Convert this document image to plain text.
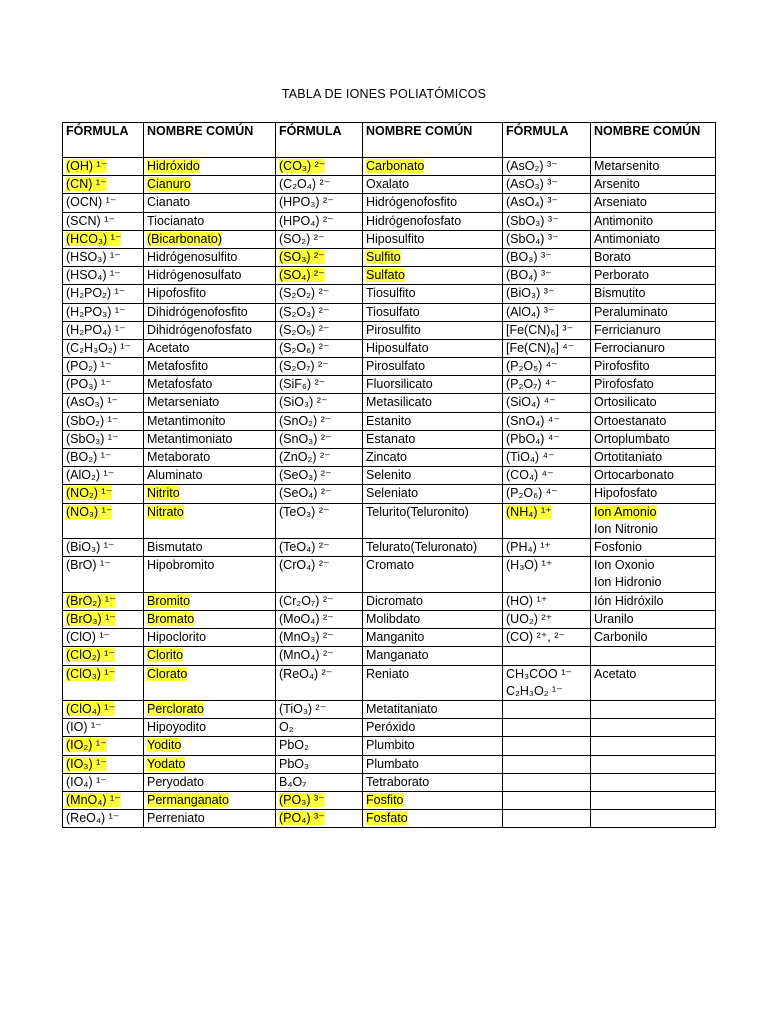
TABLA DE IONES POLIATÓMICOS
FÓRMULA	NOMBRE COMÚN	FÓRMULA	NOMBRE COMÚN	FÓRMULA	NOMBRE COMÚN

(OH) ¹⁻	Hidróxido	(CO₃) ²⁻	Carbonato	(AsO₂) ³⁻	Metarsenito

(CN) ¹⁻	Cianuro	(C₂O₄) ²⁻	Oxalato	(AsO₃) ³⁻	Arsenito

(OCN) ¹⁻	Cianato	(HPO₃) ²⁻	Hidrógenofosfito	(AsO₄) ³⁻	Arseniato

(SCN) ¹⁻	Tiocianato	(HPO₄) ²⁻	Hidrógenofosfato	(SbO₃) ³⁻	Antimonito

(HCO₃) ¹⁻	(Bicarbonato)	(SO₂) ²⁻	Hiposulfito	(SbO₄) ³⁻	Antimoniato

(HSO₃) ¹⁻	Hidrógenosulfito	(SO₃) ²⁻	Sulfito	(BO₃) ³⁻	Borato

(HSO₄) ¹⁻	Hidrógenosulfato	(SO₄) ²⁻	Sulfato	(BO₄) ³⁻	Perborato

(H₂PO₂) ¹⁻	Hipofosfito	(S₂O₂) ²⁻	Tiosulfito	(BiO₃) ³⁻	Bismutito

(H₂PO₃) ¹⁻	Dihidrógenofosfito	(S₂O₃) ²⁻	Tiosulfato	(AlO₄) ³⁻	Peraluminato

(H₂PO₄) ¹⁻	Dihidrógenofosfato	(S₂O₅) ²⁻	Pirosulfito	[Fe(CN)₆] ³⁻	Ferricianuro

(C₂H₃O₂) ¹⁻	Acetato	(S₂O₆) ²⁻	Hiposulfato	[Fe(CN)₆] ⁴⁻	Ferrocianuro

(PO₂) ¹⁻	Metafosfito	(S₂O₇) ²⁻	Pirosulfato	(P₂O₅) ⁴⁻	Pirofosfito

(PO₃) ¹⁻	Metafosfato	(SiF₆) ²⁻	Fluorsilicato	(P₂O₇) ⁴⁻	Pirofosfato

(AsO₃) ¹⁻	Metarseniato	(SiO₃) ²⁻	Metasilicato	(SiO₄) ⁴⁻	Ortosilicato

(SbO₂) ¹⁻	Metantimonito	(SnO₂) ²⁻	Estanito	(SnO₄) ⁴⁻	Ortoestanato

(SbO₃) ¹⁻	Metantimoniato	(SnO₃) ²⁻	Estanato	(PbO₄) ⁴⁻	Ortoplumbato

(BO₂) ¹⁻	Metaborato	(ZnO₂) ²⁻	Zincato	(TiO₄) ⁴⁻	Ortotitaniato

(AlO₂) ¹⁻	Aluminato	(SeO₃) ²⁻	Selenito	(CO₄) ⁴⁻	Ortocarbonato

(NO₂) ¹⁻	Nitrito	(SeO₄) ²⁻	Seleniato	(P₂O₆) ⁴⁻	Hipofosfato

(NO₃) ¹⁻	Nitrato	(TeO₃) ²⁻	Telurito(Teluronito)	(NH₄) ¹⁺	Ion Amonio
Ion Nitronio

(BiO₃) ¹⁻	Bismutato	(TeO₄) ²⁻	Telurato(Teluronato)	(PH₄) ¹⁺	Fosfonio

(BrO) ¹⁻	Hipobromito	(CrO₄) ²⁻	Cromato	(H₃O) ¹⁺	Ion Oxonio
Ion Hidronio

(BrO₂) ¹⁻	Bromito	(Cr₂O₇) ²⁻	Dicromato	(HO) ¹⁺	Ión Hidróxilo

(BrO₃) ¹⁻	Bromato	(MoO₄) ²⁻	Molibdato	(UO₂) ²⁺	Uranilo

(ClO) ¹⁻	Hipoclorito	(MnO₃) ²⁻	Manganito	(CO) ²⁺, ²⁻	Carbonilo

(ClO₂) ¹⁻	Clorito	(MnO₄) ²⁻	Manganato		

(ClO₃) ¹⁻	Clorato	(ReO₄) ²⁻	Reniato	CH₃COO ¹⁻
C₂H₃O₂ ¹⁻	Acetato

(ClO₄) ¹⁻	Perclorato	(TiO₃) ²⁻	Metatitaniato		

(IO) ¹⁻	Hipoyodito	O₂	Peróxido		

(IO₂) ¹⁻	Yodito	PbO₂	Plumbito		

(IO₃) ¹⁻	Yodato	PbO₃	Plumbato		

(IO₄) ¹⁻	Peryodato	B₄O₇	Tetraborato		

(MnO₄) ¹⁻	Permanganato	(PO₃) ³⁻	Fosfito		

(ReO₄) ¹⁻	Perreniato	(PO₄) ³⁻	Fosfato		
